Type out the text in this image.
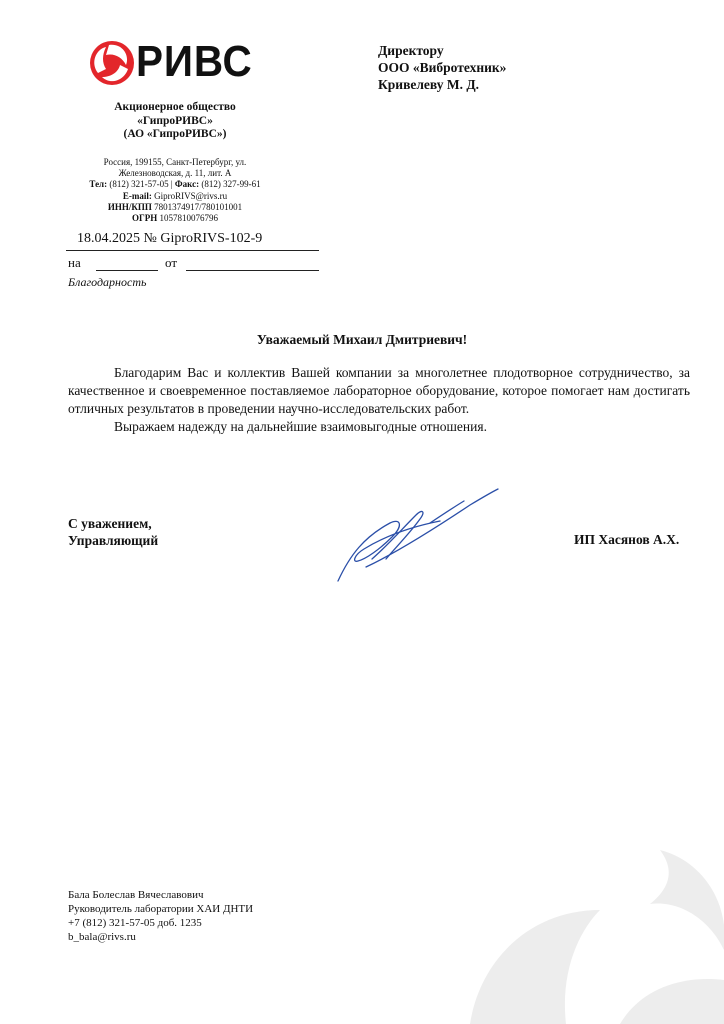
РИВС
Акционерное общество
«ГипроРИВС»
(АО «ГипроРИВС»)
Россия, 199155, Санкт-Петербург, ул.
Железноводская, д. 11, лит. А
Тел: (812) 321-57-05 | Факс: (812) 327-99-61
E-mail: GiproRIVS@rivs.ru
ИНН/КПП 7801374917/780101001
ОГРН 1057810076796
18.04.2025 № GiproRIVS-102-9
на	от
Благодарность
Директору
ООО «Вибротехник»
Кривелеву М. Д.
Уважаемый Михаил Дмитриевич!
Благодарим Вас и коллектив Вашей компании за многолетнее плодотворное сотрудничество, за качественное и своевременное поставляемое лабораторное оборудование, которое помогает нам достигать отличных результатов в проведении научно-исследовательских работ.
Выражаем надежду на дальнейшие взаимовыгодные отношения.
С уважением,
Управляющий	ИП Хасянов А.Х.
Бала Болеслав Вячеславович
Руководитель лаборатории ХАИ ДНТИ
+7 (812) 321-57-05 доб. 1235
b_bala@rivs.ru
